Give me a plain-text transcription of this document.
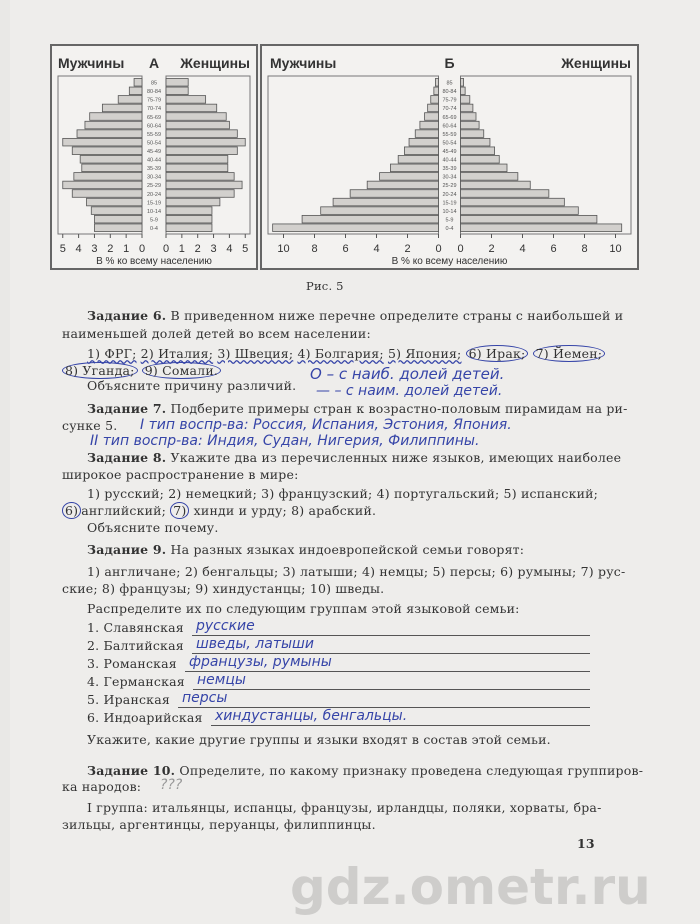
Мужчины А Женщины
85
80-84
75-79
70-74
65-69
60-64
55-59
50-54
45-49
40-44
35-39
30-34
25-29
20-24
15-19
10-14
5-9
0-4
5	5
4	4
3	3
2	2
1	1
0 0
В % ко всему населению
Мужчины	Б	Женщины
85
80-84
75-79
70-74
65-69
60-64
55-59
50-54
45-49
40-44
35-39
30-34
25-29
20-24
15-19
10-14
5-9
0-4
10	10
8	8
6	6
4	4
2	2
0 0
В % ко всему населению
Рис. 5
gdz.ometr.ru
Задание 6. В приведенном ниже перечне определите страны с наибольшей и
наименьшей долей детей во всем населении:
1) ФРГ; 2) Италия; 3) Швеция; 4) Болгария; 5) Япония; 6) Ирак; 7) Йемен;
8) Уганда; 9) Сомали.
Объясните причину различий.
О – с наиб. долей детей.
— – с наим. долей детей.
Задание 7. Подберите примеры стран к возрастно-половым пирамидам на ри-
сунке 5. I тип воспр-ва: Россия, Испания, Эстония, Япония.
II тип воспр-ва: Индия, Судан, Нигерия, Филиппины.
Задание 8. Укажите два из перечисленных ниже языков, имеющих наиболее
широкое распространение в мире:
1) русский; 2) немецкий; 3) французский; 4) португальский; 5) испанский;
6) английский; 7) хинди и урду; 8) арабский.
Объясните почему.
Задание 9. На разных языках индоевропейской семьи говорят:
1) англичане; 2) бенгальцы; 3) латыши; 4) немцы; 5) персы; 6) румыны; 7) рус-
ские; 8) французы; 9) хиндустанцы; 10) шведы.
Распределите их по следующим группам этой языковой семьи:
1. Славянская русские
2. Балтийская шведы, латыши
3. Романская французы, румыны
4. Германская немцы
5. Иранская персы
6. Индоарийская хиндустанцы, бенгальцы.
Укажите, какие другие группы и языки входят в состав этой семьи.
Задание 10. Определите, по какому признаку проведена следующая группиров-
ка народов: ???
I группа: итальянцы, испанцы, французы, ирландцы, поляки, хорваты, бра-
зильцы, аргентинцы, перуанцы, филиппинцы.
13
